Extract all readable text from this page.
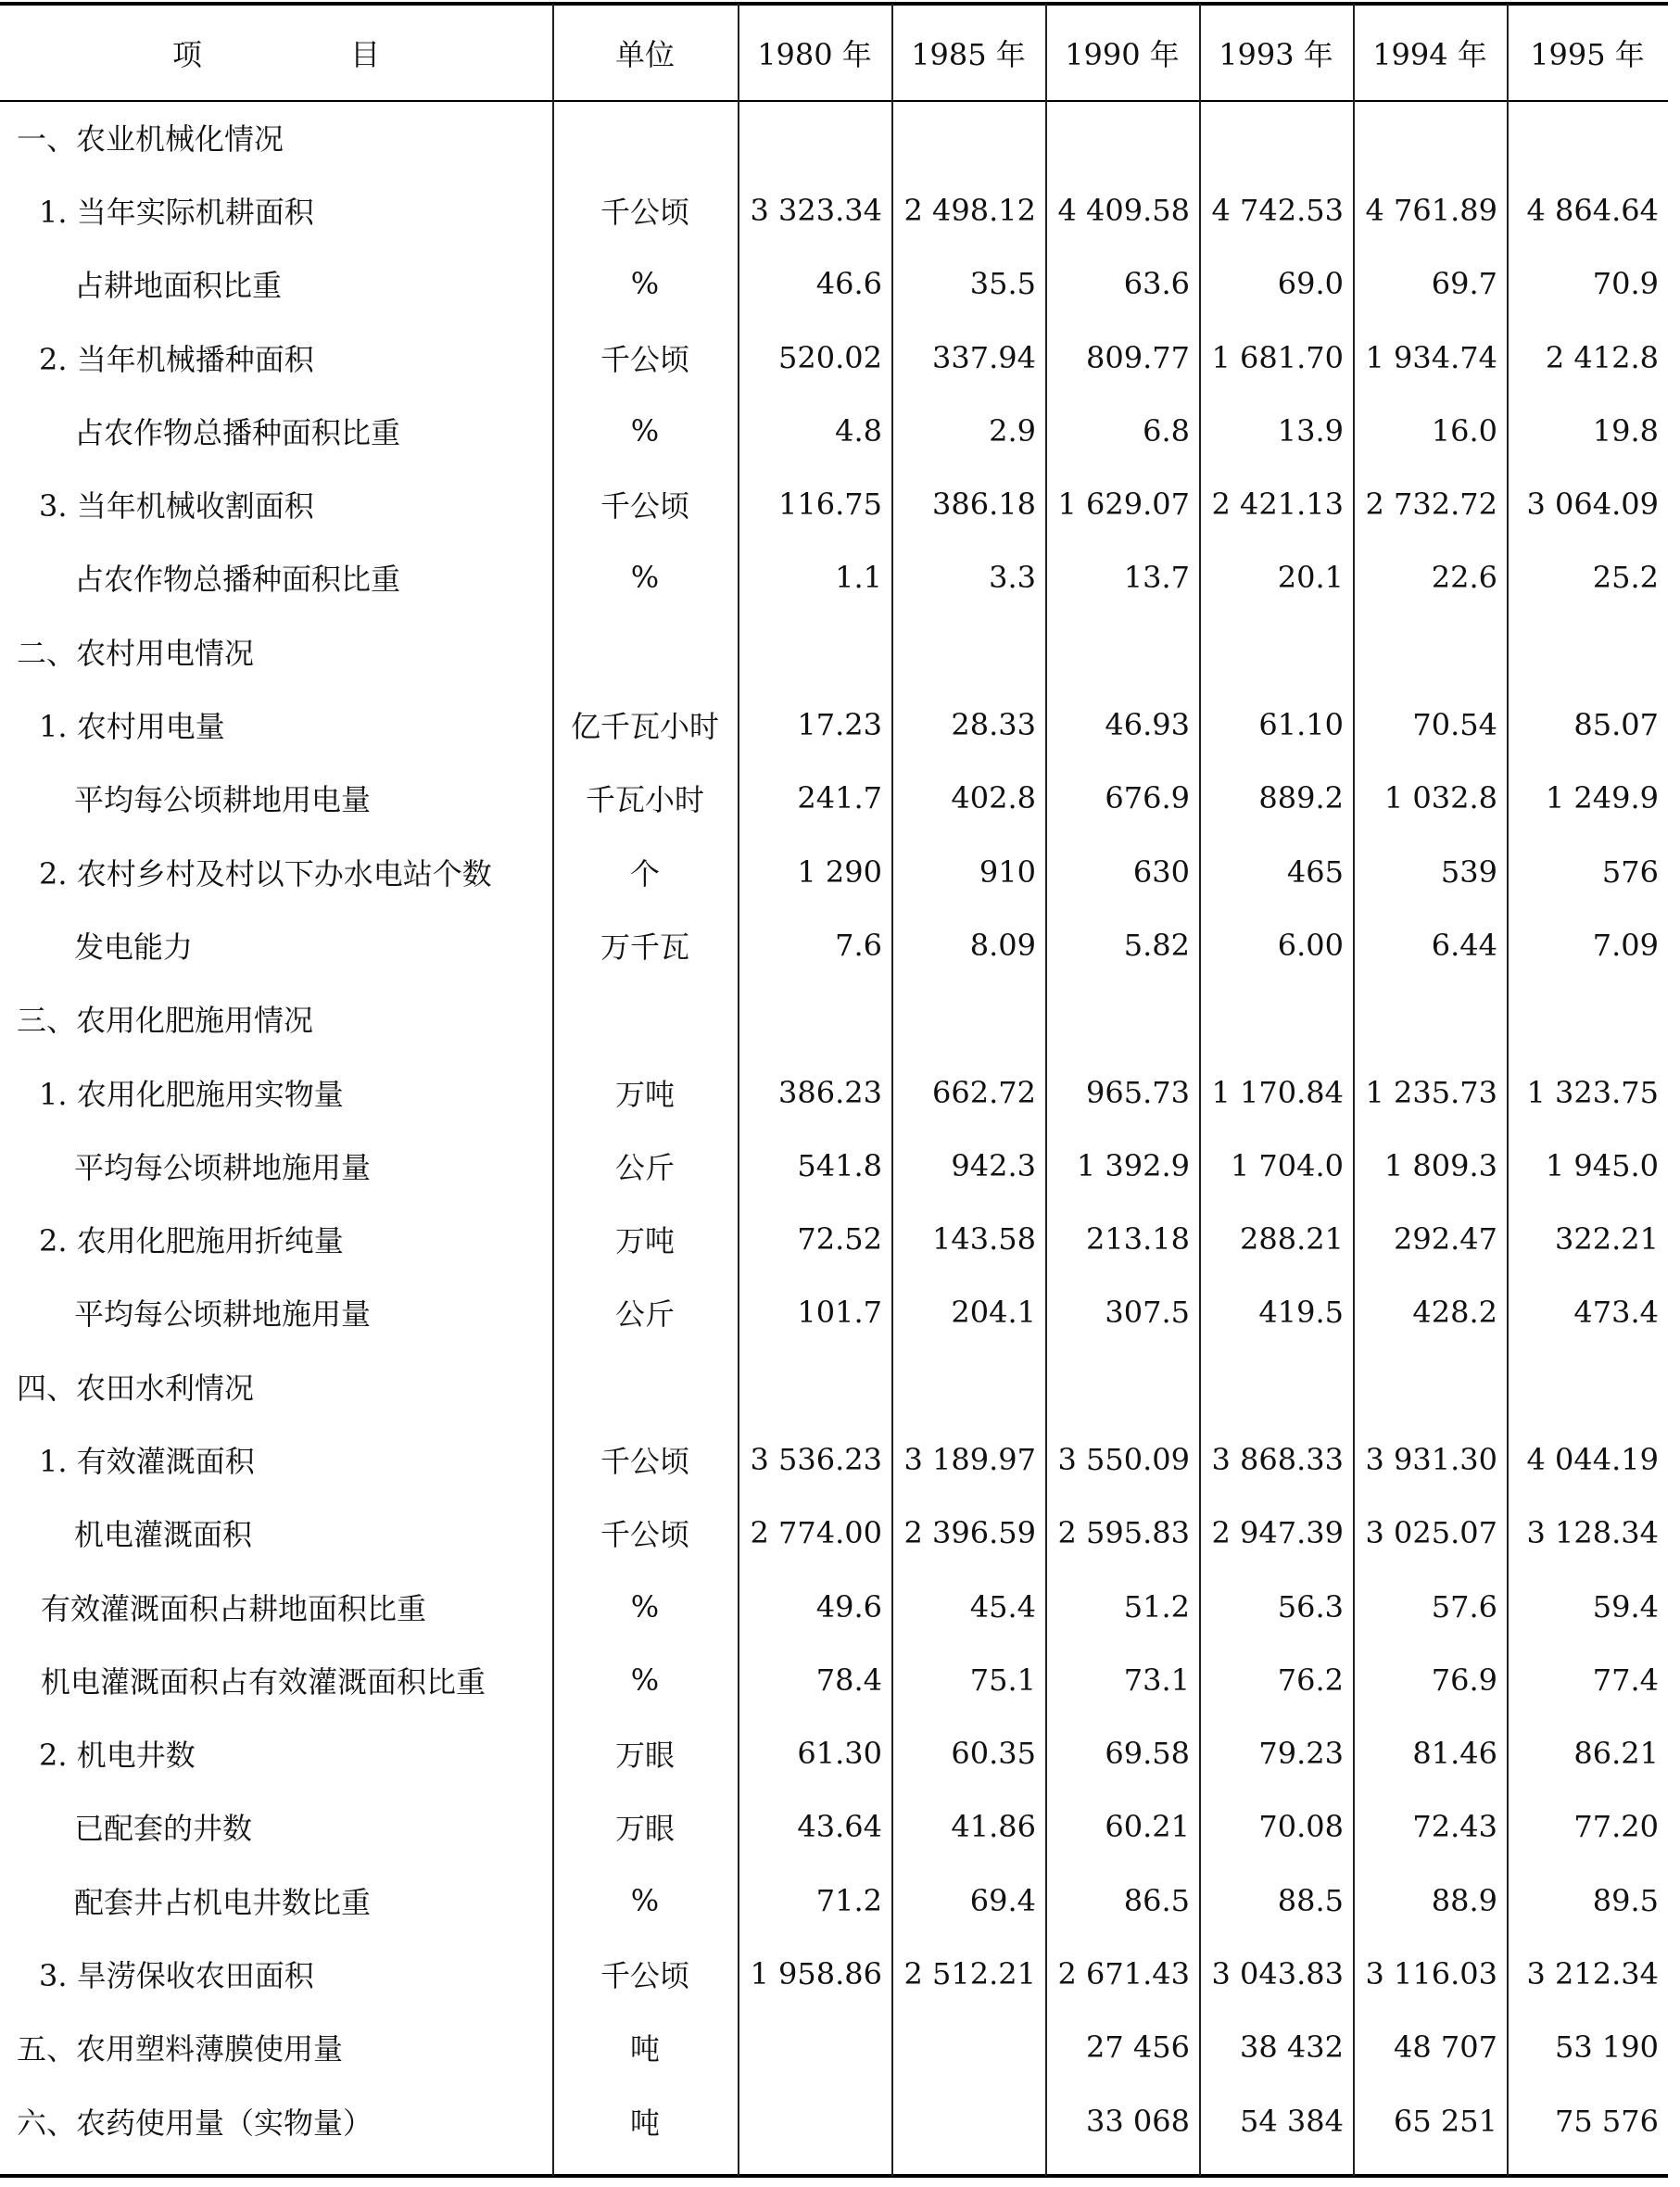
项　　　　　目	单位	1980 年	1985 年	1990 年	1993 年	1994 年	1995 年
一、农业机械化情况							
1. 当年实际机耕面积	千公顷	3 323.34	2 498.12	4 409.58	4 742.53	4 761.89	4 864.64
占耕地面积比重	%	46.6	35.5	63.6	69.0	69.7	70.9
2. 当年机械播种面积	千公顷	520.02	337.94	809.77	1 681.70	1 934.74	2 412.8
占农作物总播种面积比重	%	4.8	2.9	6.8	13.9	16.0	19.8
3. 当年机械收割面积	千公顷	116.75	386.18	1 629.07	2 421.13	2 732.72	3 064.09
占农作物总播种面积比重	%	1.1	3.3	13.7	20.1	22.6	25.2
二、农村用电情况							
1. 农村用电量	亿千瓦小时	17.23	28.33	46.93	61.10	70.54	85.07
平均每公顷耕地用电量	千瓦小时	241.7	402.8	676.9	889.2	1 032.8	1 249.9
2. 农村乡村及村以下办水电站个数	个	1 290	910	630	465	539	576
发电能力	万千瓦	7.6	8.09	5.82	6.00	6.44	7.09
三、农用化肥施用情况							
1. 农用化肥施用实物量	万吨	386.23	662.72	965.73	1 170.84	1 235.73	1 323.75
平均每公顷耕地施用量	公斤	541.8	942.3	1 392.9	1 704.0	1 809.3	1 945.0
2. 农用化肥施用折纯量	万吨	72.52	143.58	213.18	288.21	292.47	322.21
平均每公顷耕地施用量	公斤	101.7	204.1	307.5	419.5	428.2	473.4
四、农田水利情况							
1. 有效灌溉面积	千公顷	3 536.23	3 189.97	3 550.09	3 868.33	3 931.30	4 044.19
机电灌溉面积	千公顷	2 774.00	2 396.59	2 595.83	2 947.39	3 025.07	3 128.34
有效灌溉面积占耕地面积比重	%	49.6	45.4	51.2	56.3	57.6	59.4
机电灌溉面积占有效灌溉面积比重	%	78.4	75.1	73.1	76.2	76.9	77.4
2. 机电井数	万眼	61.30	60.35	69.58	79.23	81.46	86.21
已配套的井数	万眼	43.64	41.86	60.21	70.08	72.43	77.20
配套井占机电井数比重	%	71.2	69.4	86.5	88.5	88.9	89.5
3. 旱涝保收农田面积	千公顷	1 958.86	2 512.21	2 671.43	3 043.83	3 116.03	3 212.34
五、农用塑料薄膜使用量	吨			27 456	38 432	48 707	53 190
六、农药使用量（实物量）	吨			33 068	54 384	65 251	75 576
